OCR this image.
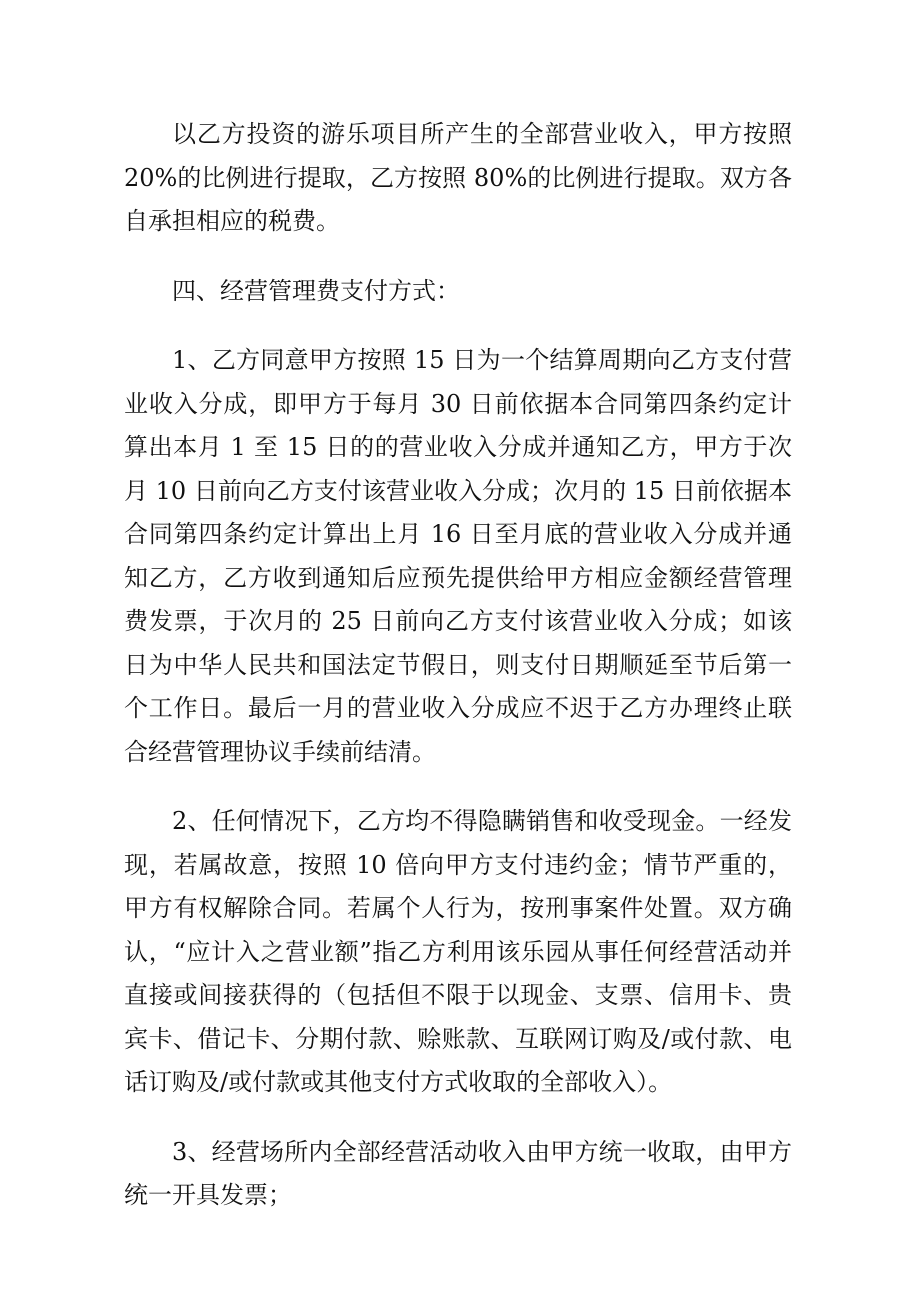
以乙方投资的游乐项目所产生的全部营业收入，甲方按照 20%的比例进行提取，乙方按照 80%的比例进行提取。双方各自承担相应的税费。

四、经营管理费支付方式：

1、乙方同意甲方按照 15 日为一个结算周期向乙方支付营业收入分成，即甲方于每月 30 日前依据本合同第四条约定计算出本月 1 至 15 日的的营业收入分成并通知乙方，甲方于次月 10 日前向乙方支付该营业收入分成；次月的 15 日前依据本合同第四条约定计算出上月 16 日至月底的营业收入分成并通知乙方，乙方收到通知后应预先提供给甲方相应金额经营管理费发票，于次月的 25 日前向乙方支付该营业收入分成；如该日为中华人民共和国法定节假日，则支付日期顺延至节后第一个工作日。最后一月的营业收入分成应不迟于乙方办理终止联合经营管理协议手续前结清。

2、任何情况下，乙方均不得隐瞒销售和收受现金。一经发现，若属故意，按照 10 倍向甲方支付违约金；情节严重的，甲方有权解除合同。若属个人行为，按刑事案件处置。双方确认，“应计入之营业额”指乙方利用该乐园从事任何经营活动并直接或间接获得的（包括但不限于以现金、支票、信用卡、贵宾卡、借记卡、分期付款、赊账款、互联网订购及/或付款、电话订购及/或付款或其他支付方式收取的全部收入）。

3、经营场所内全部经营活动收入由甲方统一收取，由甲方统一开具发票；
